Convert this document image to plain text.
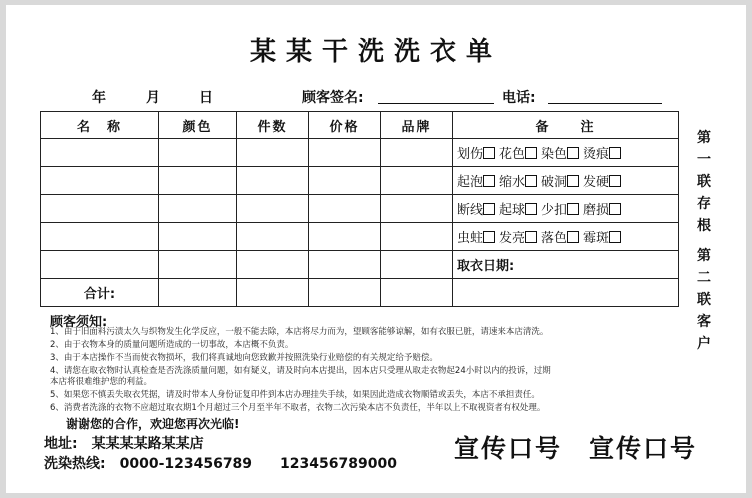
某某干洗洗衣单
年	月	日	顾客签名:	电话:
名　称	颜色	件数	价格	品牌	备　　注
					划伤 花色 染色 烫痕
					起泡 缩水 破洞 发硬
					断线 起球 少扣 磨损
					虫蛀 发亮 落色 霉斑
					取衣日期:
合计:					
第
一
联
存
根
第
二
联
客
户
顾客须知:
1、由于旧面料污渍太久与织物发生化学反应，一般不能去除，本店将尽力而为，望顾客能够谅解，如有衣服已脏，请速来本店清洗。
2、由于衣物本身的质量问题所造成的一切事故，本店概不负责。
3、由于本店操作不当而使衣物损坏，我们将真诚地向您致歉并按照洗染行业赔偿的有关规定给予赔偿。
4、请您在取衣物时认真检查是否洗涤质量问题，如有疑义，请及时向本店提出，因本店只受理从取走衣物起24小时以内的投诉，过期
本店将很难维护您的利益。
5、如果您不慎丢失取衣凭据，请及时带本人身份证复印件到本店办理挂失手续，如果因此造成衣物顺错或丢失，本店不承担责任。
6、消费者洗涤的衣物不应超过取衣期1个月超过三个月至半年不取者，衣物二次污染本店不负责任，半年以上不取视资者有权处理。
谢谢您的合作，欢迎您再次光临!
地址:　某某某某路某某店
洗染热线:　0000-123456789　　123456789000
宣传口号　宣传口号
